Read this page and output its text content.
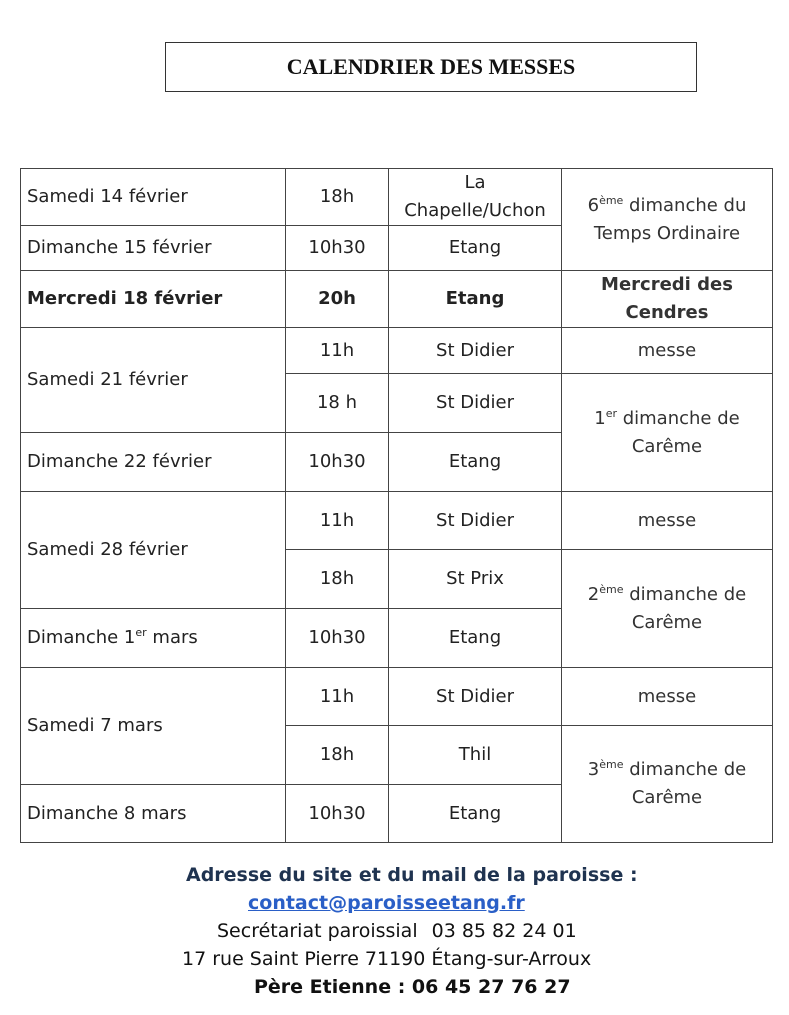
CALENDRIER DES MESSES
Samedi 14 février	18h	La Chapelle/Uchon	6ème dimanche du
Temps Ordinaire
Dimanche 15 février	10h30	Etang	
Mercredi 18 février	20h	Etang	Mercredi des Cendres
Samedi 21 février	11h	St Didier	messe
	18 h	St Didier	1er dimanche de
Carême
Dimanche 22 février	10h30	Etang	
Samedi 28 février	11h	St Didier	messe
	18h	St Prix	2ème dimanche de
Carême
Dimanche 1er mars	10h30	Etang	
Samedi 7 mars	11h	St Didier	messe
	18h	Thil	3ème dimanche de
Carême
Dimanche 8 mars	10h30	Etang	
Adresse du site et du mail de la paroisse :
contact@paroisseetang.fr
Secrétariat paroissial 03 85 82 24 01
17 rue Saint Pierre 71190 Étang-sur-Arroux
Père Etienne : 06 45 27 76 27
